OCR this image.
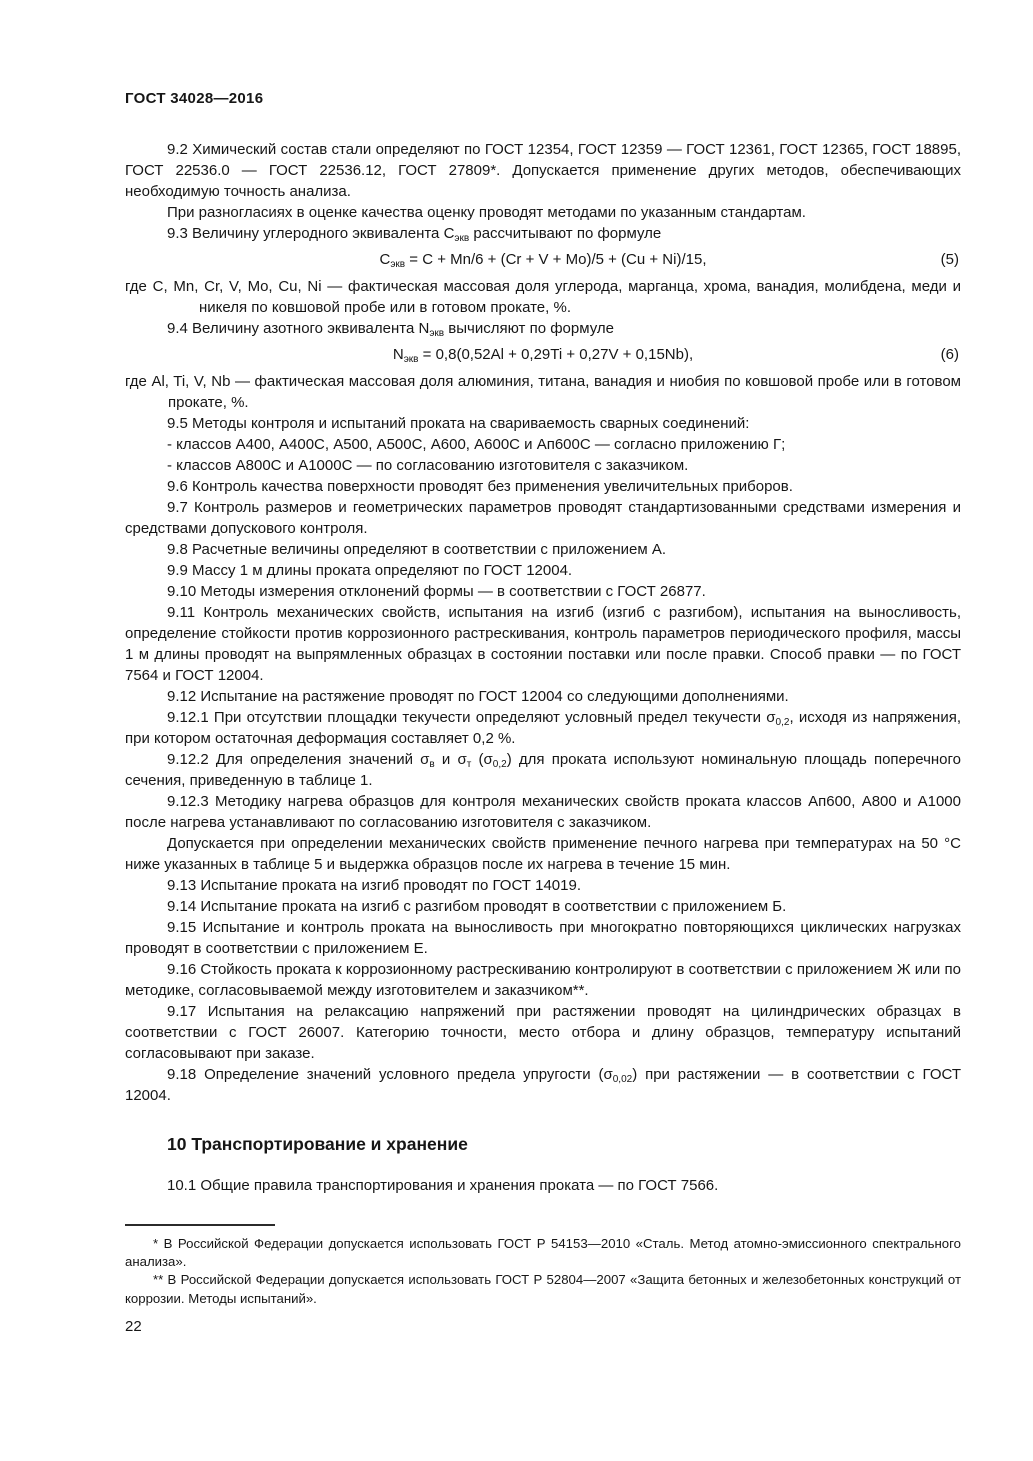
ГОСТ 34028—2016

9.2 Химический состав стали определяют по ГОСТ 12354, ГОСТ 12359 — ГОСТ 12361, ГОСТ 12365, ГОСТ 18895, ГОСТ 22536.0 — ГОСТ 22536.12, ГОСТ 27809*. Допускается применение других методов, обеспечивающих необходимую точность анализа.

При разногласиях в оценке качества оценку проводят методами по указанным стандартам.

9.3 Величину углеродного эквивалента $C_{экв}$ рассчитывают по формуле

$C_{экв} = C + Mn/6 + (Cr + V + Mo)/5 + (Cu + Ni)/15$,	(5)

где C, Mn, Cr, V, Mo, Cu, Ni — фактическая массовая доля углерода, марганца, хрома, ванадия, молибдена, меди и никеля по ковшовой пробе или в готовом прокате, %.

9.4 Величину азотного эквивалента $N_{экв}$ вычисляют по формуле

$N_{экв} = 0,8(0,52Al + 0,29Ti + 0,27V + 0,15Nb)$,	(6)

где Al, Ti, V, Nb — фактическая массовая доля алюминия, титана, ванадия и ниобия по ковшовой пробе или в готовом прокате, %.

9.5 Методы контроля и испытаний проката на свариваемость сварных соединений:

- классов А400, А400С, А500, А500С, А600, А600С и Ап600С — согласно приложению Г;

- классов А800С и А1000С — по согласованию изготовителя с заказчиком.

9.6 Контроль качества поверхности проводят без применения увеличительных приборов.

9.7 Контроль размеров и геометрических параметров проводят стандартизованными средствами измерения и средствами допускового контроля.

9.8 Расчетные величины определяют в соответствии с приложением А.

9.9 Массу 1 м длины проката определяют по ГОСТ 12004.

9.10 Методы измерения отклонений формы — в соответствии с ГОСТ 26877.

9.11 Контроль механических свойств, испытания на изгиб (изгиб с разгибом), испытания на выносливость, определение стойкости против коррозионного растрескивания, контроль параметров периодического профиля, массы 1 м длины проводят на выпрямленных образцах в состоянии поставки или после правки. Способ правки — по ГОСТ 7564 и ГОСТ 12004.

9.12 Испытание на растяжение проводят по ГОСТ 12004 со следующими дополнениями.

9.12.1 При отсутствии площадки текучести определяют условный предел текучести $\sigma_{0,2}$, исходя из напряжения, при котором остаточная деформация составляет 0,2 %.

9.12.2 Для определения значений $\sigma_в$ и $\sigma_т$ $(\sigma_{0,2})$ для проката используют номинальную площадь поперечного сечения, приведенную в таблице 1.

9.12.3 Методику нагрева образцов для контроля механических свойств проката классов Ап600, А800 и А1000 после нагрева устанавливают по согласованию изготовителя с заказчиком.

Допускается при определении механических свойств применение печного нагрева при температурах на 50 °С ниже указанных в таблице 5 и выдержка образцов после их нагрева в течение 15 мин.

9.13 Испытание проката на изгиб проводят по ГОСТ 14019.

9.14 Испытание проката на изгиб с разгибом проводят в соответствии с приложением Б.

9.15 Испытание и контроль проката на выносливость при многократно повторяющихся циклических нагрузках проводят в соответствии с приложением Е.

9.16 Стойкость проката к коррозионному растрескиванию контролируют в соответствии с приложением Ж или по методике, согласовываемой между изготовителем и заказчиком**.

9.17 Испытания на релаксацию напряжений при растяжении проводят на цилиндрических образцах в соответствии с ГОСТ 26007. Категорию точности, место отбора и длину образцов, температуру испытаний согласовывают при заказе.

9.18 Определение значений условного предела упругости $(\sigma_{0,02})$ при растяжении — в соответствии с ГОСТ 12004.

10 Транспортирование и хранение

10.1 Общие правила транспортирования и хранения проката — по ГОСТ 7566.

* В Российской Федерации допускается использовать ГОСТ Р 54153—2010 «Сталь. Метод атомно-эмиссионного спектрального анализа».

** В Российской Федерации допускается использовать ГОСТ Р 52804—2007 «Защита бетонных и железобетонных конструкций от коррозии. Методы испытаний».

22
